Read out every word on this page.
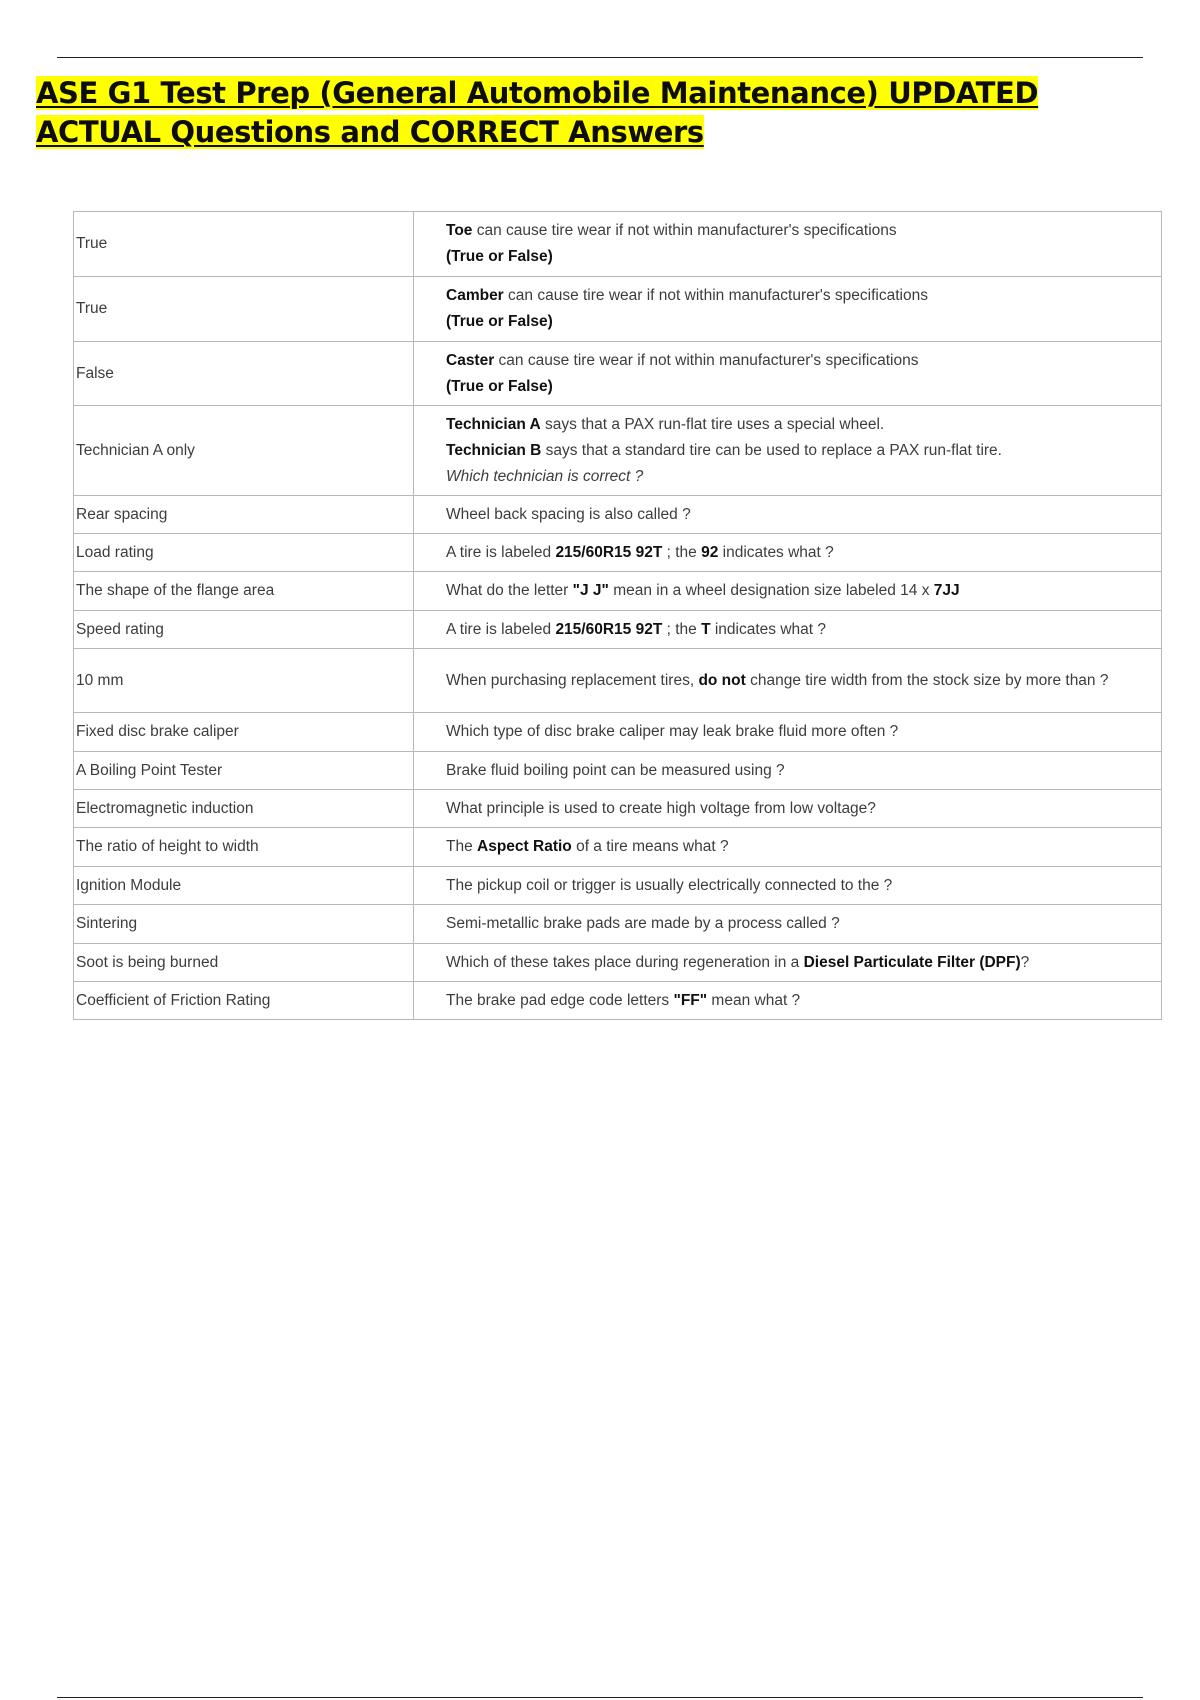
ASE G1 Test Prep (General Automobile Maintenance) UPDATED ACTUAL Questions and CORRECT Answers
True	Toe can cause tire wear if not within manufacturer's specifications
(True or False)

True	Camber can cause tire wear if not within manufacturer's specifications
(True or False)

False	Caster can cause tire wear if not within manufacturer's specifications
(True or False)

Technician A only	Technician A says that a PAX run-flat tire uses a special wheel.
Technician B says that a standard tire can be used to replace a PAX run-flat tire.
Which technician is correct ?

Rear spacing	Wheel back spacing is also called ?

Load rating	A tire is labeled 215/60R15 92T ; the 92 indicates what ?

The shape of the flange area	What do the letter "J J" mean in a wheel designation size labeled 14 x 7JJ

Speed rating	A tire is labeled 215/60R15 92T ; the T indicates what ?

10 mm	When purchasing replacement tires, do not change tire width from the stock size by more than ?

Fixed disc brake caliper	Which type of disc brake caliper may leak brake fluid more often ?

A Boiling Point Tester	Brake fluid boiling point can be measured using ?

Electromagnetic induction	What principle is used to create high voltage from low voltage?

The ratio of height to width	The Aspect Ratio of a tire means what ?

Ignition Module	The pickup coil or trigger is usually electrically connected to the ?

Sintering	Semi-metallic brake pads are made by a process called ?

Soot is being burned	Which of these takes place during regeneration in a Diesel Particulate Filter (DPF)?

Coefficient of Friction Rating	The brake pad edge code letters "FF" mean what ?
